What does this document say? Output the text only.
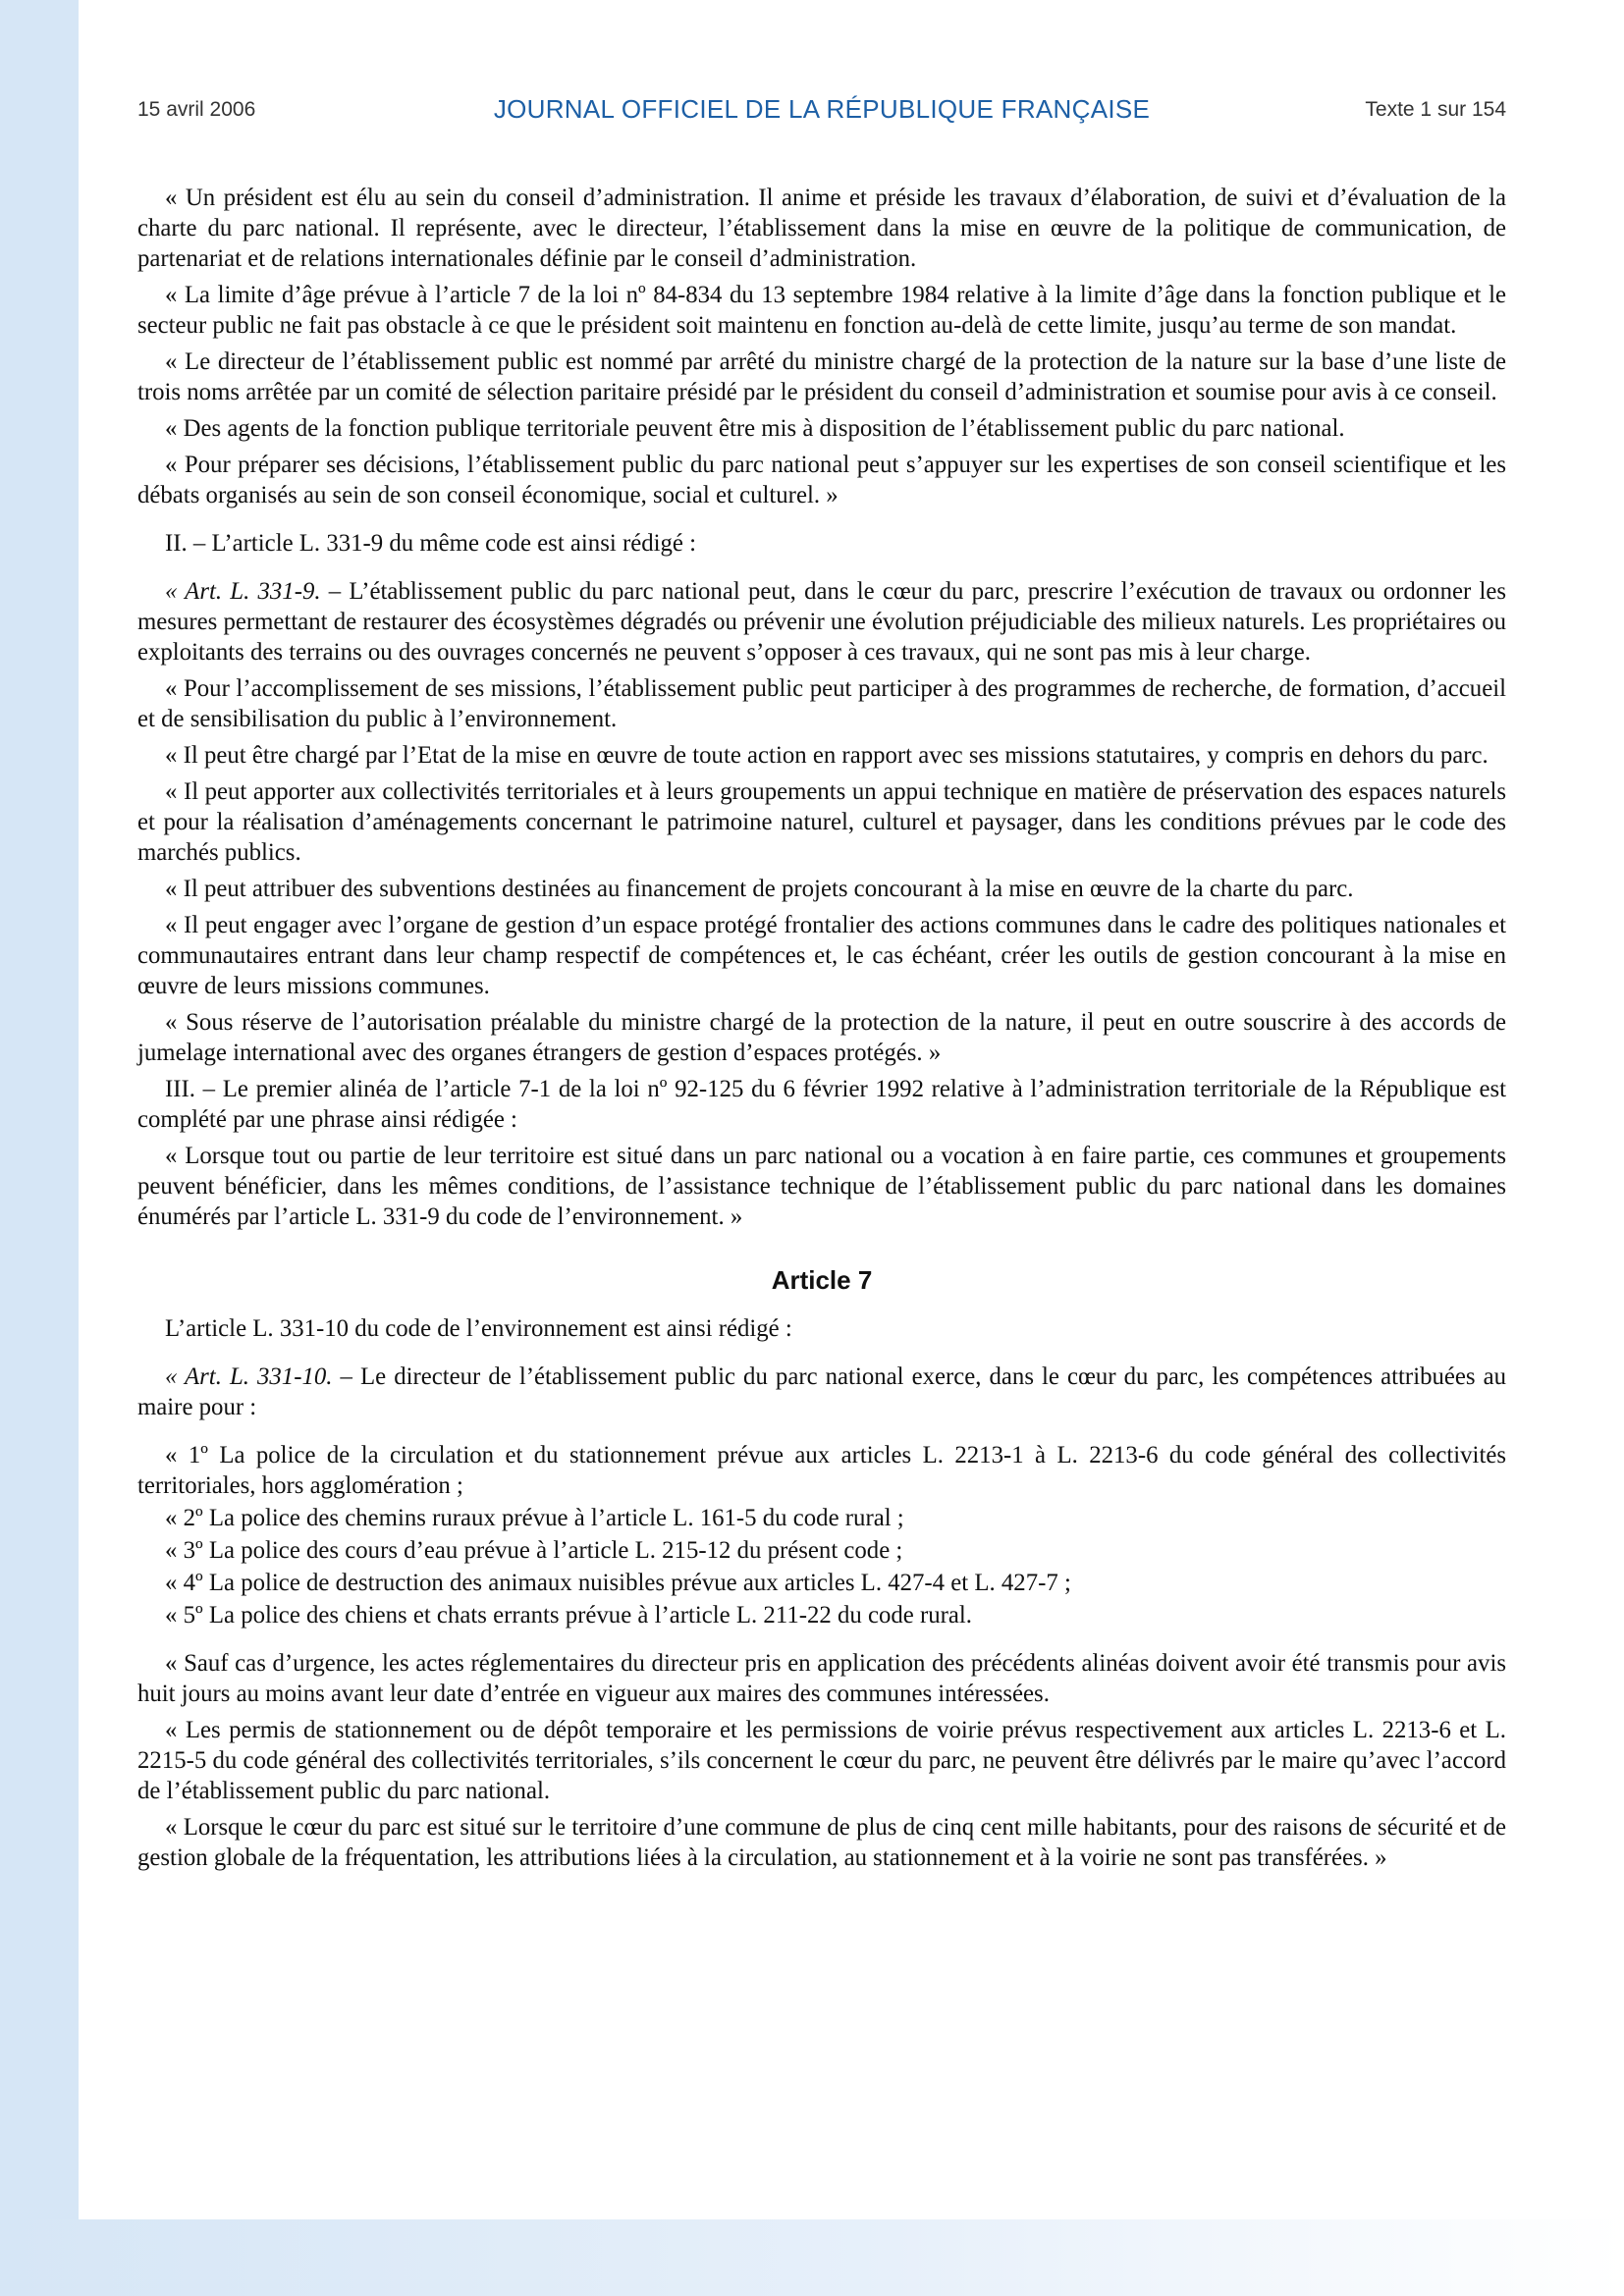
15 avril 2006	JOURNAL OFFICIEL DE LA RÉPUBLIQUE FRANÇAISE	Texte 1 sur 154

« Un président est élu au sein du conseil d’administration. Il anime et préside les travaux d’élaboration, de suivi et d’évaluation de la charte du parc national. Il représente, avec le directeur, l’établissement dans la mise en œuvre de la politique de communication, de partenariat et de relations internationales définie par le conseil d’administration.

« La limite d’âge prévue à l’article 7 de la loi nº 84-834 du 13 septembre 1984 relative à la limite d’âge dans la fonction publique et le secteur public ne fait pas obstacle à ce que le président soit maintenu en fonction au-delà de cette limite, jusqu’au terme de son mandat.

« Le directeur de l’établissement public est nommé par arrêté du ministre chargé de la protection de la nature sur la base d’une liste de trois noms arrêtée par un comité de sélection paritaire présidé par le président du conseil d’administration et soumise pour avis à ce conseil.

« Des agents de la fonction publique territoriale peuvent être mis à disposition de l’établissement public du parc national.

« Pour préparer ses décisions, l’établissement public du parc national peut s’appuyer sur les expertises de son conseil scientifique et les débats organisés au sein de son conseil économique, social et culturel. »

II. – L’article L. 331-9 du même code est ainsi rédigé :

« Art. L. 331-9. – L’établissement public du parc national peut, dans le cœur du parc, prescrire l’exécution de travaux ou ordonner les mesures permettant de restaurer des écosystèmes dégradés ou prévenir une évolution préjudiciable des milieux naturels. Les propriétaires ou exploitants des terrains ou des ouvrages concernés ne peuvent s’opposer à ces travaux, qui ne sont pas mis à leur charge.

« Pour l’accomplissement de ses missions, l’établissement public peut participer à des programmes de recherche, de formation, d’accueil et de sensibilisation du public à l’environnement.

« Il peut être chargé par l’Etat de la mise en œuvre de toute action en rapport avec ses missions statutaires, y compris en dehors du parc.

« Il peut apporter aux collectivités territoriales et à leurs groupements un appui technique en matière de préservation des espaces naturels et pour la réalisation d’aménagements concernant le patrimoine naturel, culturel et paysager, dans les conditions prévues par le code des marchés publics.

« Il peut attribuer des subventions destinées au financement de projets concourant à la mise en œuvre de la charte du parc.

« Il peut engager avec l’organe de gestion d’un espace protégé frontalier des actions communes dans le cadre des politiques nationales et communautaires entrant dans leur champ respectif de compétences et, le cas échéant, créer les outils de gestion concourant à la mise en œuvre de leurs missions communes.

« Sous réserve de l’autorisation préalable du ministre chargé de la protection de la nature, il peut en outre souscrire à des accords de jumelage international avec des organes étrangers de gestion d’espaces protégés. »

III. – Le premier alinéa de l’article 7-1 de la loi nº 92-125 du 6 février 1992 relative à l’administration territoriale de la République est complété par une phrase ainsi rédigée :

« Lorsque tout ou partie de leur territoire est situé dans un parc national ou a vocation à en faire partie, ces communes et groupements peuvent bénéficier, dans les mêmes conditions, de l’assistance technique de l’établissement public du parc national dans les domaines énumérés par l’article L. 331-9 du code de l’environnement. »

Article 7

L’article L. 331-10 du code de l’environnement est ainsi rédigé :

« Art. L. 331-10. – Le directeur de l’établissement public du parc national exerce, dans le cœur du parc, les compétences attribuées au maire pour :

« 1º La police de la circulation et du stationnement prévue aux articles L. 2213-1 à L. 2213-6 du code général des collectivités territoriales, hors agglomération ;

« 2º La police des chemins ruraux prévue à l’article L. 161-5 du code rural ;

« 3º La police des cours d’eau prévue à l’article L. 215-12 du présent code ;

« 4º La police de destruction des animaux nuisibles prévue aux articles L. 427-4 et L. 427-7 ;

« 5º La police des chiens et chats errants prévue à l’article L. 211-22 du code rural.

« Sauf cas d’urgence, les actes réglementaires du directeur pris en application des précédents alinéas doivent avoir été transmis pour avis huit jours au moins avant leur date d’entrée en vigueur aux maires des communes intéressées.

« Les permis de stationnement ou de dépôt temporaire et les permissions de voirie prévus respectivement aux articles L. 2213-6 et L. 2215-5 du code général des collectivités territoriales, s’ils concernent le cœur du parc, ne peuvent être délivrés par le maire qu’avec l’accord de l’établissement public du parc national.

« Lorsque le cœur du parc est situé sur le territoire d’une commune de plus de cinq cent mille habitants, pour des raisons de sécurité et de gestion globale de la fréquentation, les attributions liées à la circulation, au stationnement et à la voirie ne sont pas transférées. »
